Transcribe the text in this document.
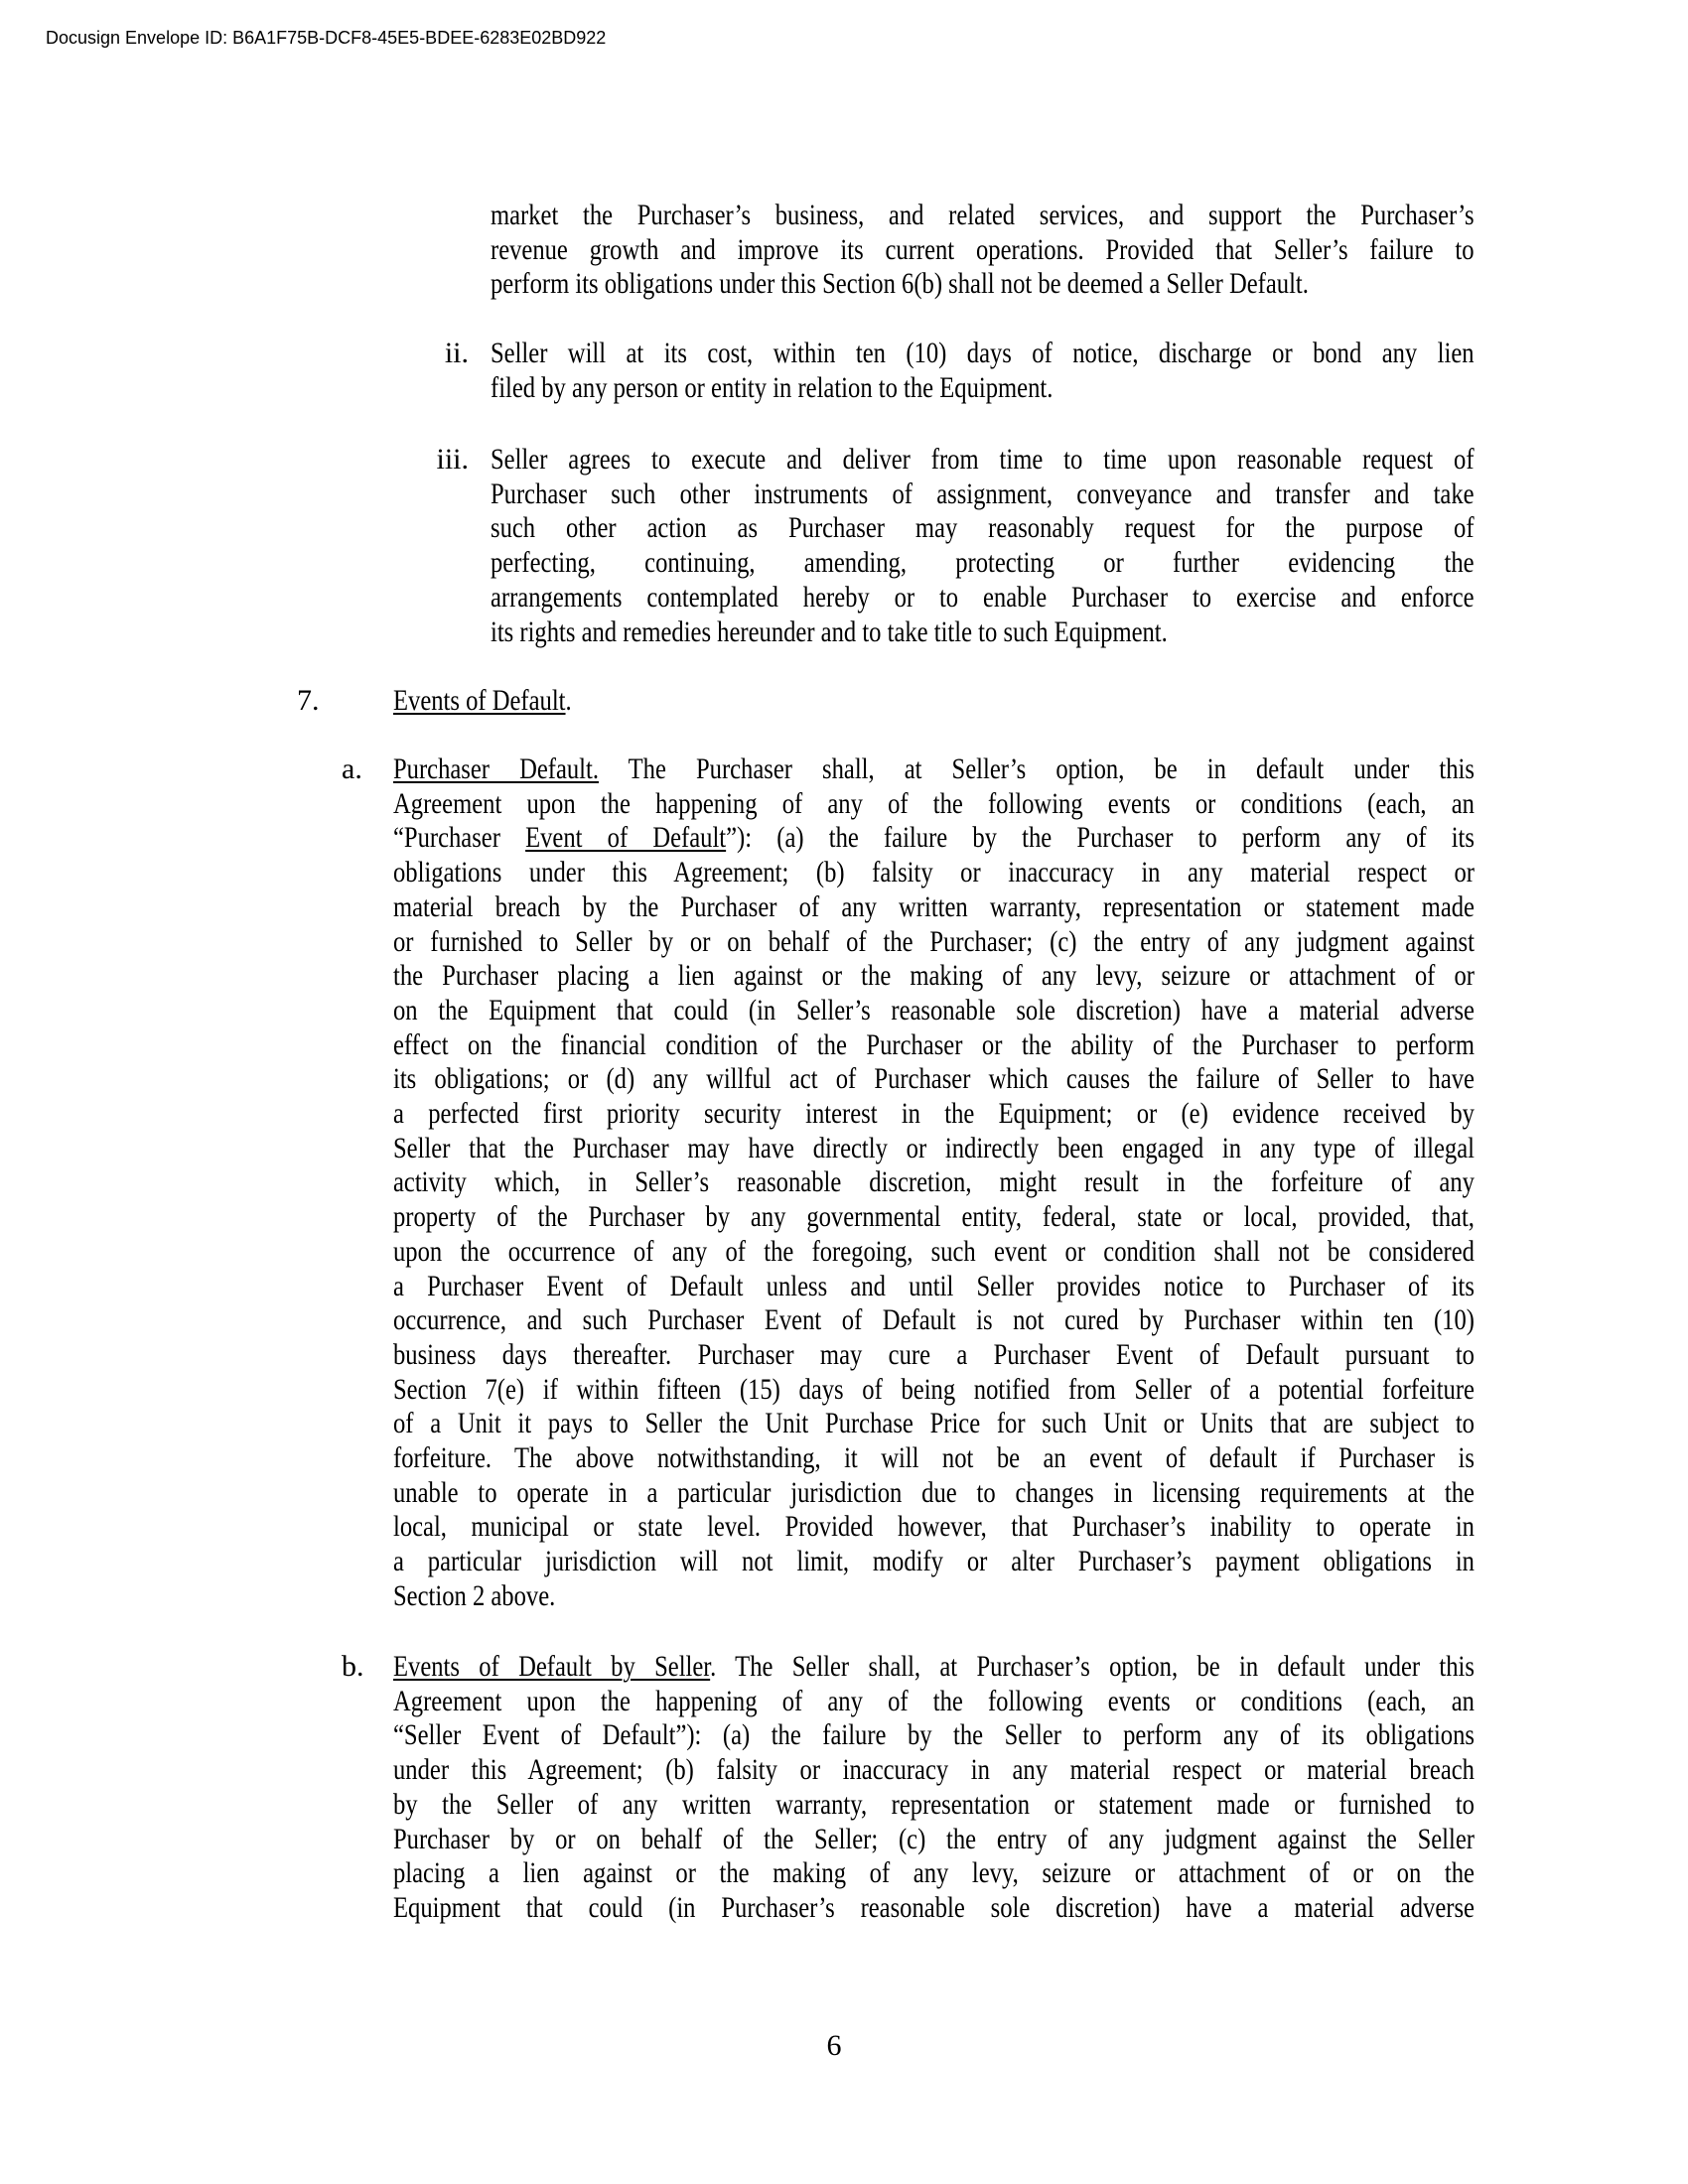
Docusign Envelope ID: B6A1F75B-DCF8-45E5-BDEE-6283E02BD922
market the Purchaser’s business, and related services, and support the Purchaser’s
revenue growth and improve its current operations. Provided that Seller’s failure to
perform its obligations under this Section 6(b) shall not be deemed a Seller Default.
ii. Seller will at its cost, within ten (10) days of notice, discharge or bond any lien
filed by any person or entity in relation to the Equipment.
iii. Seller agrees to execute and deliver from time to time upon reasonable request of
Purchaser such other instruments of assignment, conveyance and transfer and take
such other action as Purchaser may reasonably request for the purpose of
perfecting, continuing, amending, protecting or further evidencing the
arrangements contemplated hereby or to enable Purchaser to exercise and enforce
its rights and remedies hereunder and to take title to such Equipment.
7. Events of Default.
a. Purchaser Default. The Purchaser shall, at Seller’s option, be in default under this
Agreement upon the happening of any of the following events or conditions (each, an
“Purchaser Event of Default”): (a) the failure by the Purchaser to perform any of its
obligations under this Agreement; (b) falsity or inaccuracy in any material respect or
material breach by the Purchaser of any written warranty, representation or statement made
or furnished to Seller by or on behalf of the Purchaser; (c) the entry of any judgment against
the Purchaser placing a lien against or the making of any levy, seizure or attachment of or
on the Equipment that could (in Seller’s reasonable sole discretion) have a material adverse
effect on the financial condition of the Purchaser or the ability of the Purchaser to perform
its obligations; or (d) any willful act of Purchaser which causes the failure of Seller to have
a perfected first priority security interest in the Equipment; or (e) evidence received by
Seller that the Purchaser may have directly or indirectly been engaged in any type of illegal
activity which, in Seller’s reasonable discretion, might result in the forfeiture of any
property of the Purchaser by any governmental entity, federal, state or local, provided, that,
upon the occurrence of any of the foregoing, such event or condition shall not be considered
a Purchaser Event of Default unless and until Seller provides notice to Purchaser of its
occurrence, and such Purchaser Event of Default is not cured by Purchaser within ten (10)
business days thereafter. Purchaser may cure a Purchaser Event of Default pursuant to
Section 7(e) if within fifteen (15) days of being notified from Seller of a potential forfeiture
of a Unit it pays to Seller the Unit Purchase Price for such Unit or Units that are subject to
forfeiture. The above notwithstanding, it will not be an event of default if Purchaser is
unable to operate in a particular jurisdiction due to changes in licensing requirements at the
local, municipal or state level. Provided however, that Purchaser’s inability to operate in
a particular jurisdiction will not limit, modify or alter Purchaser’s payment obligations in
Section 2 above.
b. Events of Default by Seller. The Seller shall, at Purchaser’s option, be in default under this
Agreement upon the happening of any of the following events or conditions (each, an
“Seller Event of Default”): (a) the failure by the Seller to perform any of its obligations
under this Agreement; (b) falsity or inaccuracy in any material respect or material breach
by the Seller of any written warranty, representation or statement made or furnished to
Purchaser by or on behalf of the Seller; (c) the entry of any judgment against the Seller
placing a lien against or the making of any levy, seizure or attachment of or on the
Equipment that could (in Purchaser’s reasonable sole discretion) have a material adverse
6
